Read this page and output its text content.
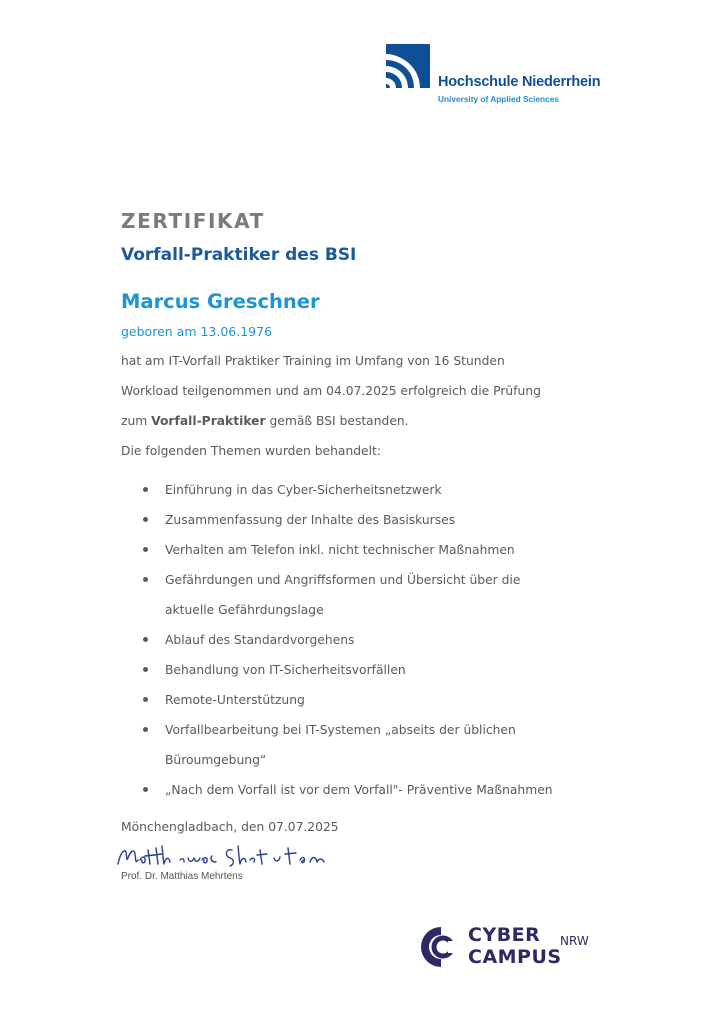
Hochschule Niederrhein
University of Applied Sciences
ZERTIFIKAT
Vorfall-Praktiker des BSI
Marcus Greschner
geboren am 13.06.1976
hat am IT-Vorfall Praktiker Training im Umfang von 16 Stunden
Workload teilgenommen und am 04.07.2025 erfolgreich die Prüfung
zum Vorfall-Praktiker gemäß BSI bestanden.
Die folgenden Themen wurden behandelt:
Einführung in das Cyber-Sicherheitsnetzwerk
Zusammenfassung der Inhalte des Basiskurses
Verhalten am Telefon inkl. nicht technischer Maßnahmen
Gefährdungen und Angriffsformen und Übersicht über die
aktuelle Gefährdungslage
Ablauf des Standardvorgehens
Behandlung von IT-Sicherheitsvorfällen
Remote-Unterstützung
Vorfallbearbeitung bei IT-Systemen „abseits der üblichen
Büroumgebung“
„Nach dem Vorfall ist vor dem Vorfall"- Präventive Maßnahmen
Mönchengladbach, den 07.07.2025
Prof. Dr. Matthias Mehrtens
CYBER
CAMPUS
NRW
